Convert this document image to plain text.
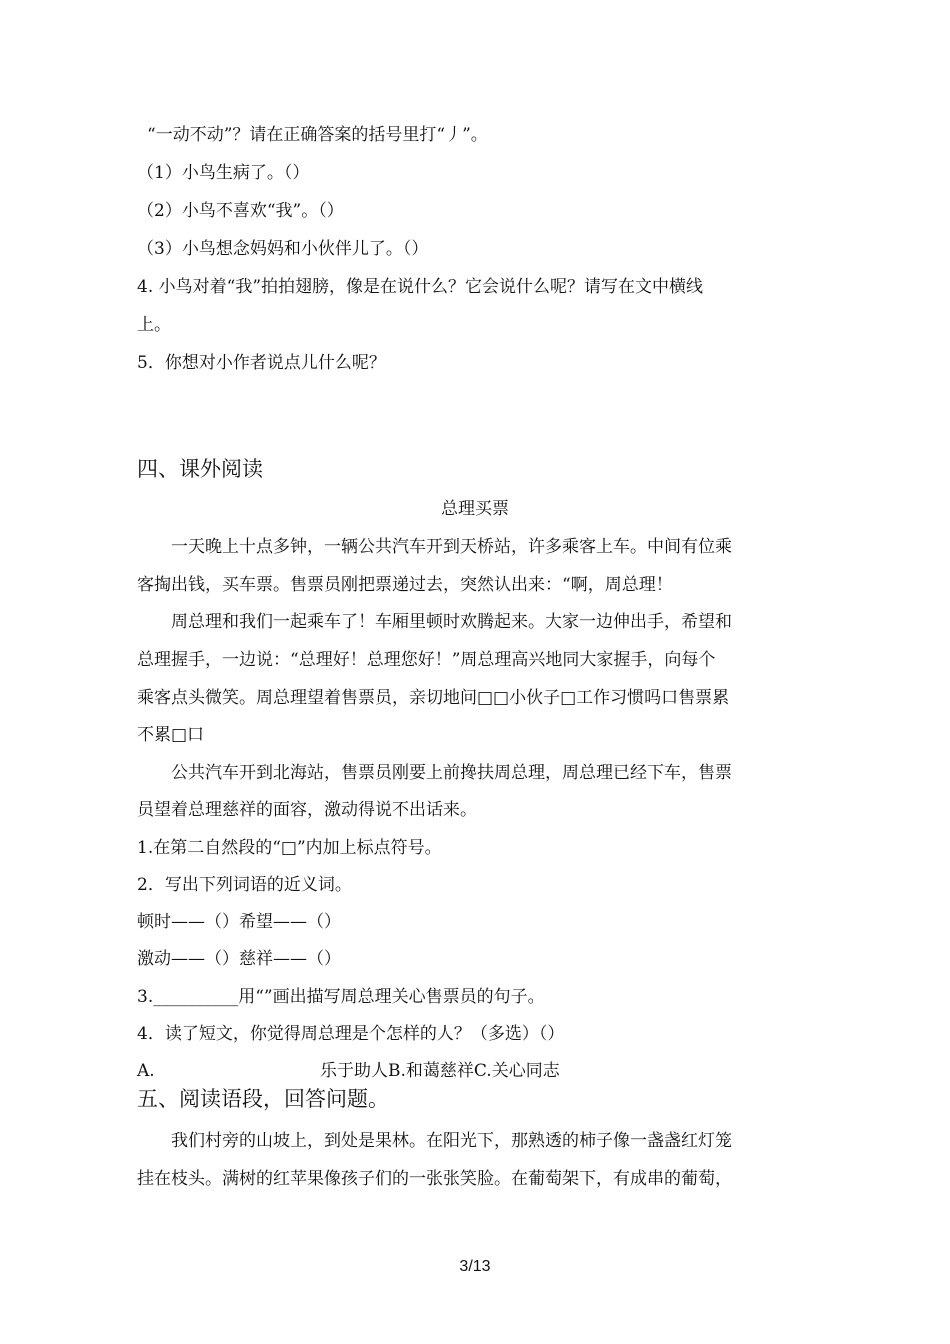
“一动不动”？请在正确答案的括号里打“丿”。
（1）小鸟生病了。（）
（2）小鸟不喜欢“我”。（）
（3）小鸟想念妈妈和小伙伴儿了。（）
4. 小鸟对着“我”拍拍翅膀，像是在说什么？它会说什么呢？请写在文中横线
上。
5．你想对小作者说点儿什么呢？
四、课外阅读
总理买票
一天晚上十点多钟，一辆公共汽车开到天桥站，许多乘客上车。中间有位乘
客掏出钱，买车票。售票员刚把票递过去，突然认出来：“啊，周总理！
周总理和我们一起乘车了！车厢里顿时欢腾起来。大家一边伸出手，希望和
总理握手，一边说：“总理好！总理您好！”周总理高兴地同大家握手，向每个
乘客点头微笑。周总理望着售票员，亲切地问□□小伙子□工作习惯吗口售票累
不累□口
公共汽车开到北海站，售票员刚要上前搀扶周总理，周总理已经下车，售票
员望着总理慈祥的面容，激动得说不出话来。
1.在第二自然段的“□”内加上标点符号。
2．写出下列词语的近义词。
顿时——（）希望——（）
激动——（）慈祥——（）
3.__________用“”画出描写周总理关心售票员的句子。
4．读了短文，你觉得周总理是个怎样的人？（多选）（）
A.	乐于助人B.和蔼慈祥C.关心同志
五、阅读语段，回答问题。
我们村旁的山坡上，到处是果林。在阳光下，那熟透的柿子像一盏盏红灯笼
挂在枝头。满树的红苹果像孩子们的一张张笑脸。在葡萄架下，有成串的葡萄，
3/13
